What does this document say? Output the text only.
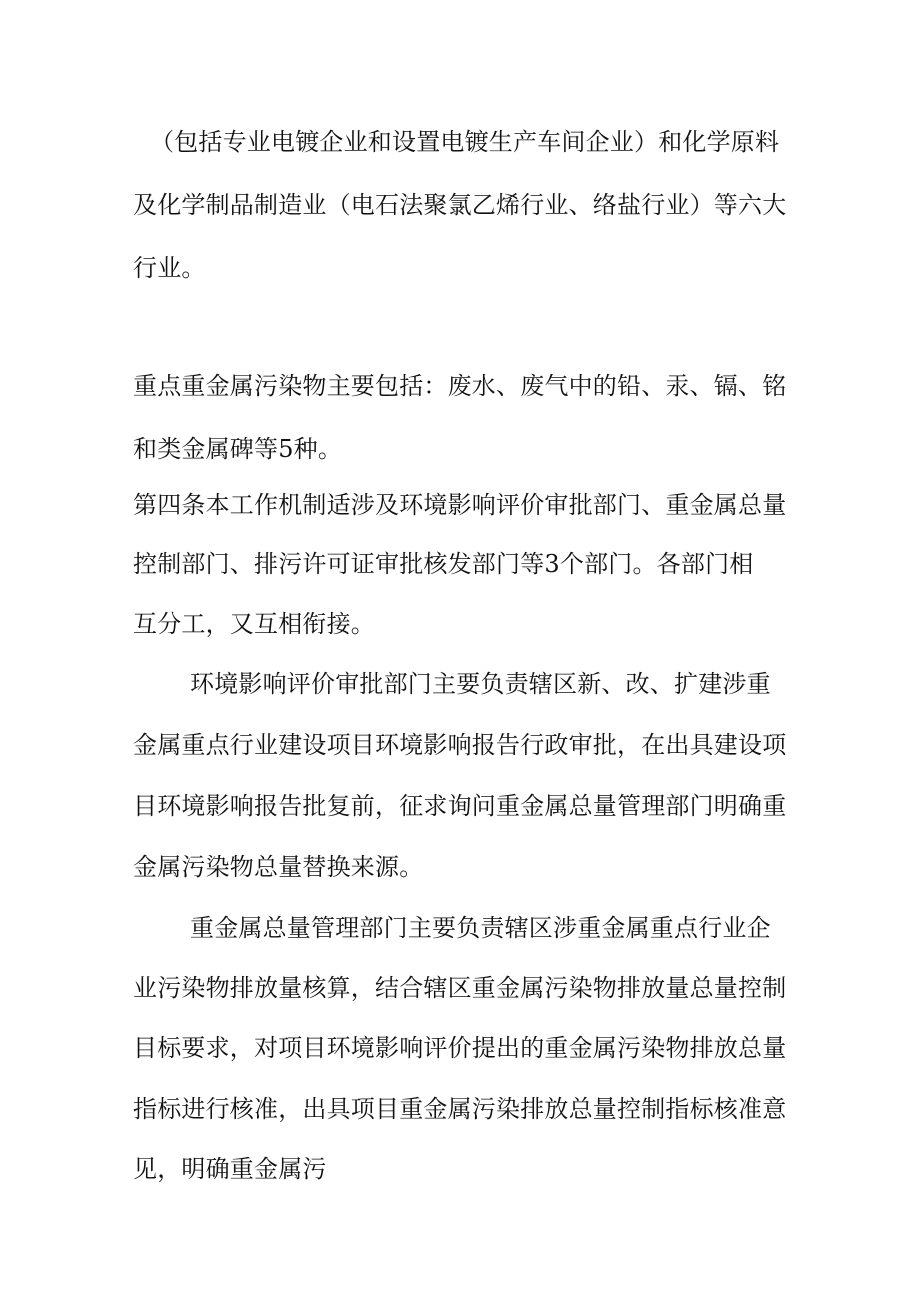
（包括专业电镀企业和设置电镀生产车间企业）和化学原料
及化学制品制造业（电石法聚氯乙烯行业、络盐行业）等六大
行业。
重点重金属污染物主要包括：废水、废气中的铅、汞、镉、铭
和类金属碑等5种。
第四条本工作机制适涉及环境影响评价审批部门、重金属总量
控制部门、排污许可证审批核发部门等3个部门。各部门相
互分工，又互相衔接。
环境影响评价审批部门主要负责辖区新、改、扩建涉重
金属重点行业建设项目环境影响报告行政审批，在出具建设项
目环境影响报告批复前，征求询问重金属总量管理部门明确重
金属污染物总量替换来源。
重金属总量管理部门主要负责辖区涉重金属重点行业企
业污染物排放量核算，结合辖区重金属污染物排放量总量控制
目标要求，对项目环境影响评价提出的重金属污染物排放总量
指标进行核准，出具项目重金属污染排放总量控制指标核准意
见，明确重金属污
